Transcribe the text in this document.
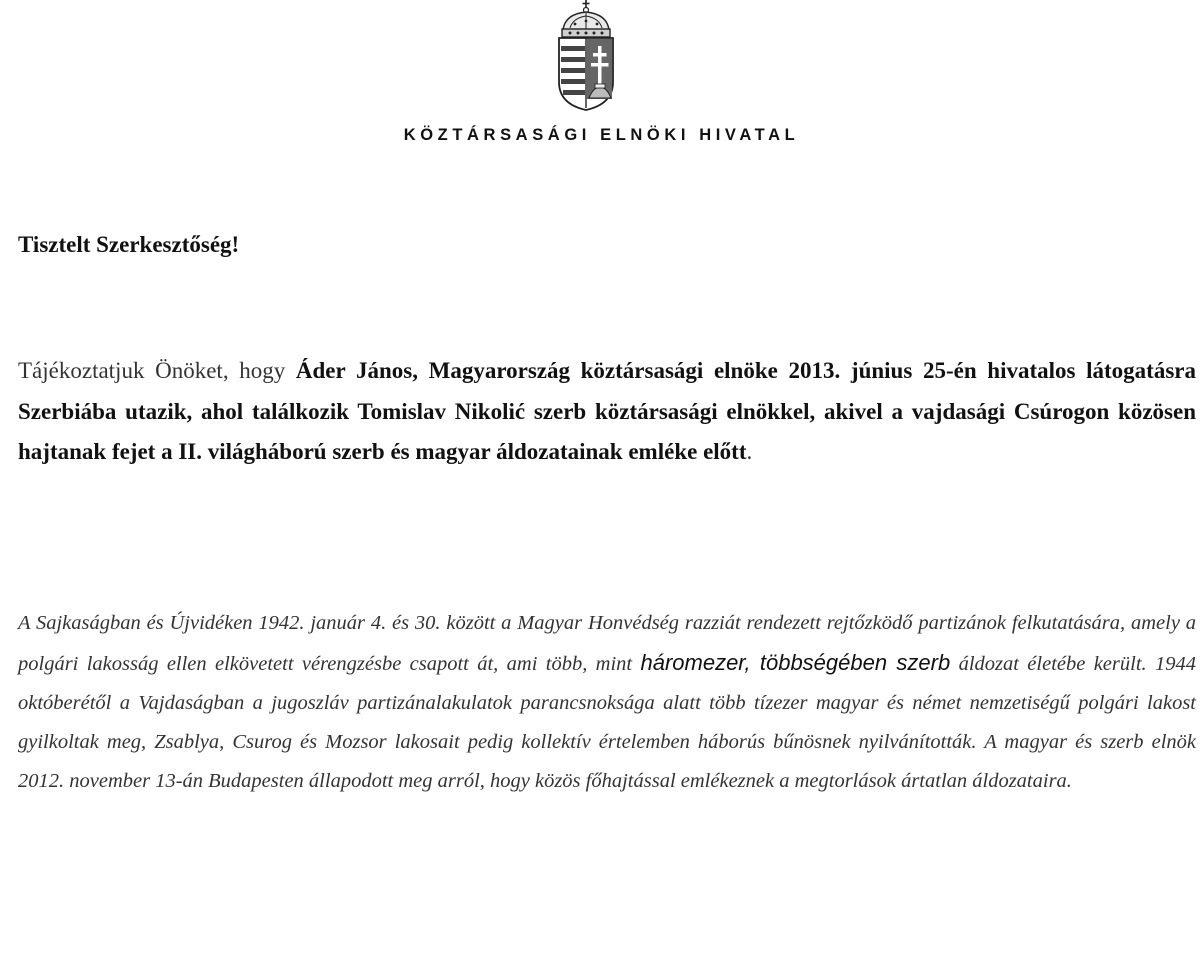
KÖZTÁRSASÁGI ELNÖKI HIVATAL

Tisztelt Szerkesztőség!

Tájékoztatjuk Önöket, hogy Áder János, Magyarország köztársasági elnöke 2013. június 25-én hivatalos látogatásra Szerbiába utazik, ahol találkozik Tomislav Nikolić szerb köztársasági elnökkel, akivel a vajdasági Csúrogon közösen hajtanak fejet a II. világháború szerb és magyar áldozatainak emléke előtt.

A Sajkaságban és Újvidéken 1942. január 4. és 30. között a Magyar Honvédség razziát rendezett rejtőzködő partizánok felkutatására, amely a polgári lakosság ellen elkövetett vérengzésbe csapott át, ami több, mint háromezer, többségében szerb áldozat életébe került. 1944 októberétől a Vajdaságban a jugoszláv partizánalakulatok parancsnoksága alatt több tízezer magyar és német nemzetiségű polgári lakost gyilkoltak meg, Zsablya, Csurog és Mozsor lakosait pedig kollektív értelemben háborús bűnösnek nyilvánították. A magyar és szerb elnök 2012. november 13-án Budapesten állapodott meg arról, hogy közös főhajtással emlékeznek a megtorlások ártatlan áldozataira.
